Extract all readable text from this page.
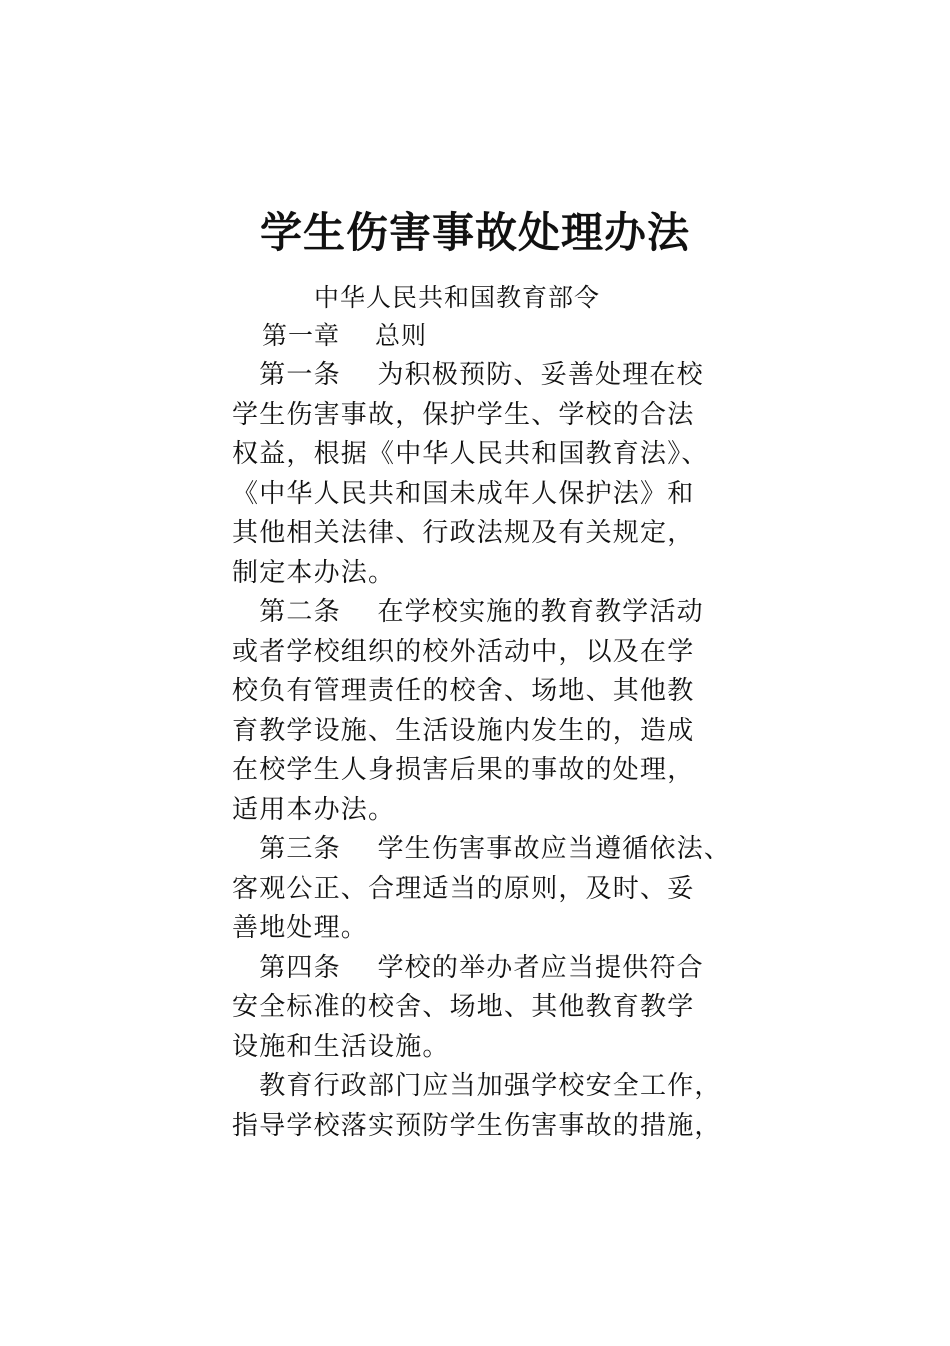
学生伤害事故处理办法
中华人民共和国教育部令
第一章　 总则
　第一条　 为积极预防、妥善处理在校
学生伤害事故，保护学生、学校的合法
权益，根据《中华人民共和国教育法》、
《中华人民共和国未成年人保护法》和
其他相关法律、行政法规及有关规定，
制定本办法。
　第二条　 在学校实施的教育教学活动
或者学校组织的校外活动中，以及在学
校负有管理责任的校舍、场地、其他教
育教学设施、生活设施内发生的，造成
在校学生人身损害后果的事故的处理，
适用本办法。
　第三条　 学生伤害事故应当遵循依法、
客观公正、合理适当的原则，及时、妥
善地处理。
　第四条　 学校的举办者应当提供符合
安全标准的校舍、场地、其他教育教学
设施和生活设施。
　教育行政部门应当加强学校安全工作，
指导学校落实预防学生伤害事故的措施，
